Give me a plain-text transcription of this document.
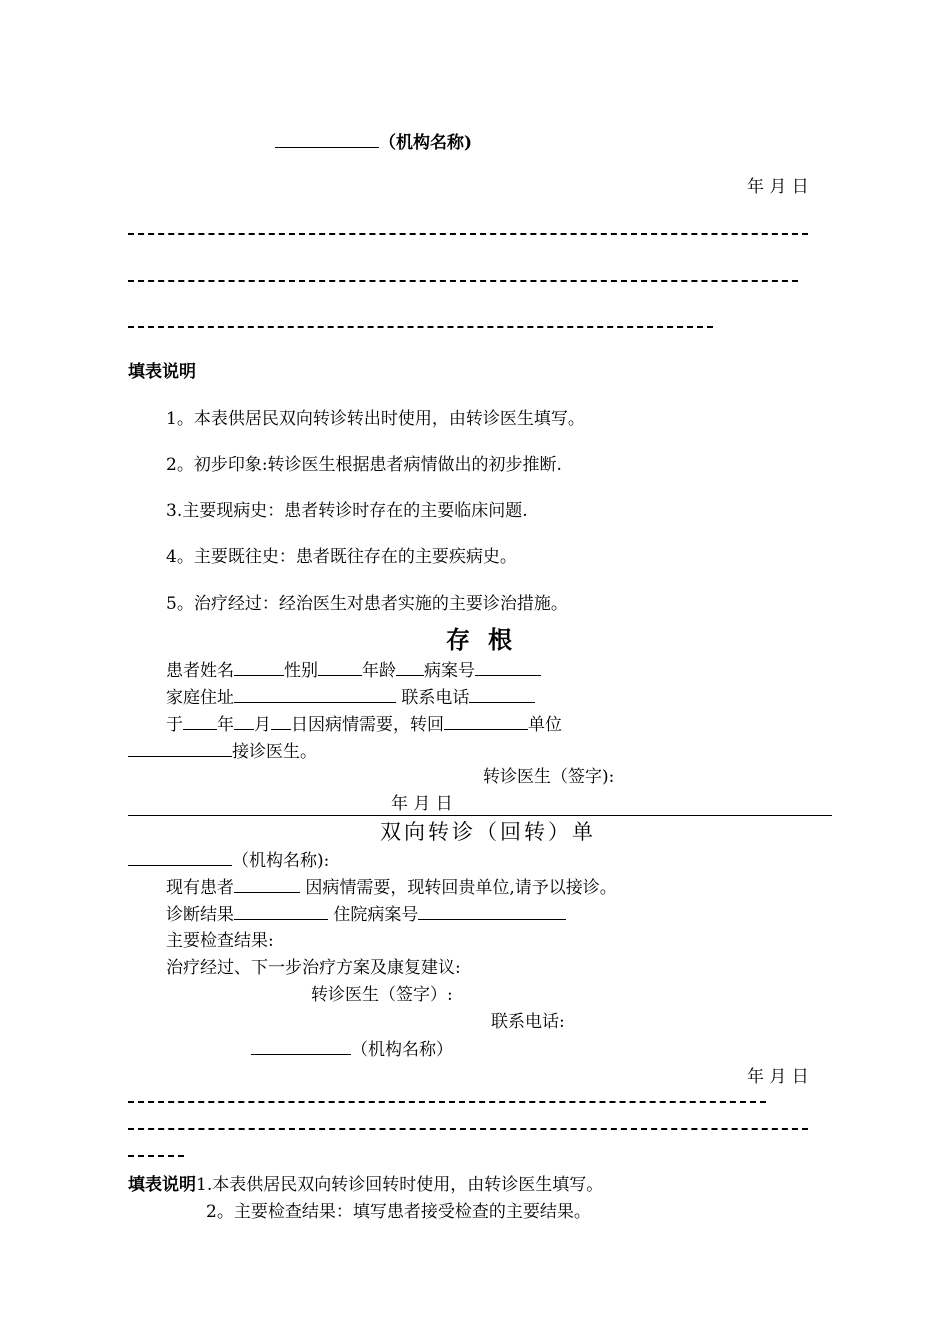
（机构名称)
年 月 日
填表说明
1。本表供居民双向转诊转出时使用，由转诊医生填写。
2。初步印象:转诊医生根据患者病情做出的初步推断.
3.主要现病史：患者转诊时存在的主要临床问题.
4。主要既往史：患者既往存在的主要疾病史。
5。治疗经过：经治医生对患者实施的主要诊治措施。
存根
患者姓名	性别	年龄 病案号
家庭住址	联系电话
于 年 月 日因病情需要，转回	单位
接诊医生。
转诊医生（签字):
年 月 日
双向转诊（回转）单
（机构名称):
现有患者	因病情需要，现转回贵单位,请予以接诊。
诊断结果	住院病案号
主要检查结果:
治疗经过、下一步治疗方案及康复建议:
转诊医生（签字）:
联系电话:
（机构名称）
年 月 日
填表说明1.本表供居民双向转诊回转时使用，由转诊医生填写。
2。主要检查结果：填写患者接受检查的主要结果。
